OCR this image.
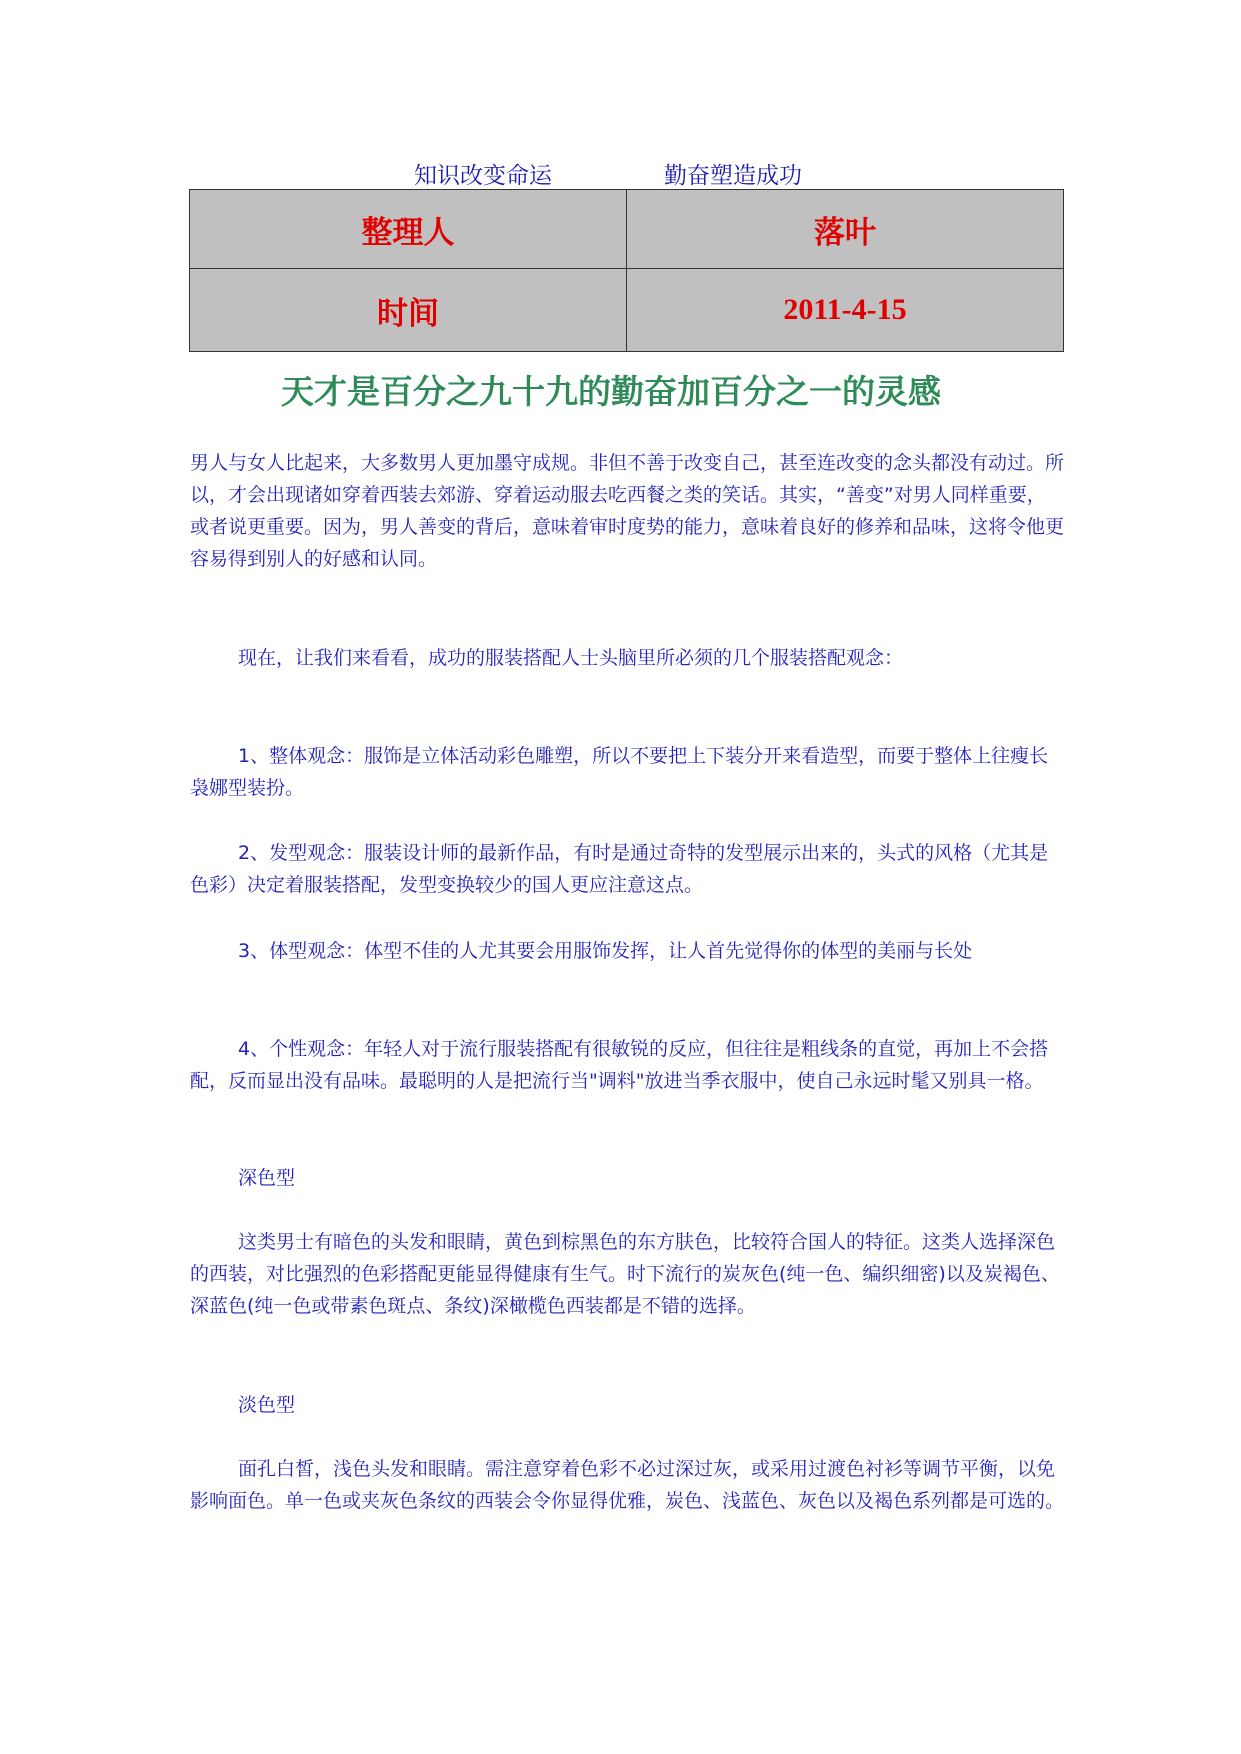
知识改变命运	勤奋塑造成功
整理人	落叶
时间	2011-4-15
天才是百分之九十九的勤奋加百分之一的灵感

男人与女人比起来，大多数男人更加墨守成规。非但不善于改变自己，甚至连改变的念头都没有动过。所以，才会出现诸如穿着西装去郊游、穿着运动服去吃西餐之类的笑话。其实，“善变”对男人同样重要，或者说更重要。因为，男人善变的背后，意味着审时度势的能力，意味着良好的修养和品味，这将令他更容易得到别人的好感和认同。

现在，让我们来看看，成功的服装搭配人士头脑里所必须的几个服装搭配观念：

1、整体观念：服饰是立体活动彩色雕塑，所以不要把上下装分开来看造型，而要于整体上往瘦长袅娜型装扮。

2、发型观念：服装设计师的最新作品，有时是通过奇特的发型展示出来的，头式的风格（尤其是色彩）决定着服装搭配，发型变换较少的国人更应注意这点。

3、体型观念：体型不佳的人尤其要会用服饰发挥，让人首先觉得你的体型的美丽与长处

4、个性观念：年轻人对于流行服装搭配有很敏锐的反应，但往往是粗线条的直觉，再加上不会搭配，反而显出没有品味。最聪明的人是把流行当"调料"放进当季衣服中，使自己永远时髦又别具一格。

深色型

这类男士有暗色的头发和眼睛，黄色到棕黑色的东方肤色，比较符合国人的特征。这类人选择深色的西装，对比强烈的色彩搭配更能显得健康有生气。时下流行的炭灰色(纯一色、编织细密)以及炭褐色、深蓝色(纯一色或带素色斑点、条纹)深橄榄色西装都是不错的选择。

淡色型

面孔白皙，浅色头发和眼睛。需注意穿着色彩不必过深过灰，或采用过渡色衬衫等调节平衡，以免影响面色。单一色或夹灰色条纹的西装会令你显得优雅，炭色、浅蓝色、灰色以及褐色系列都是可选的。
